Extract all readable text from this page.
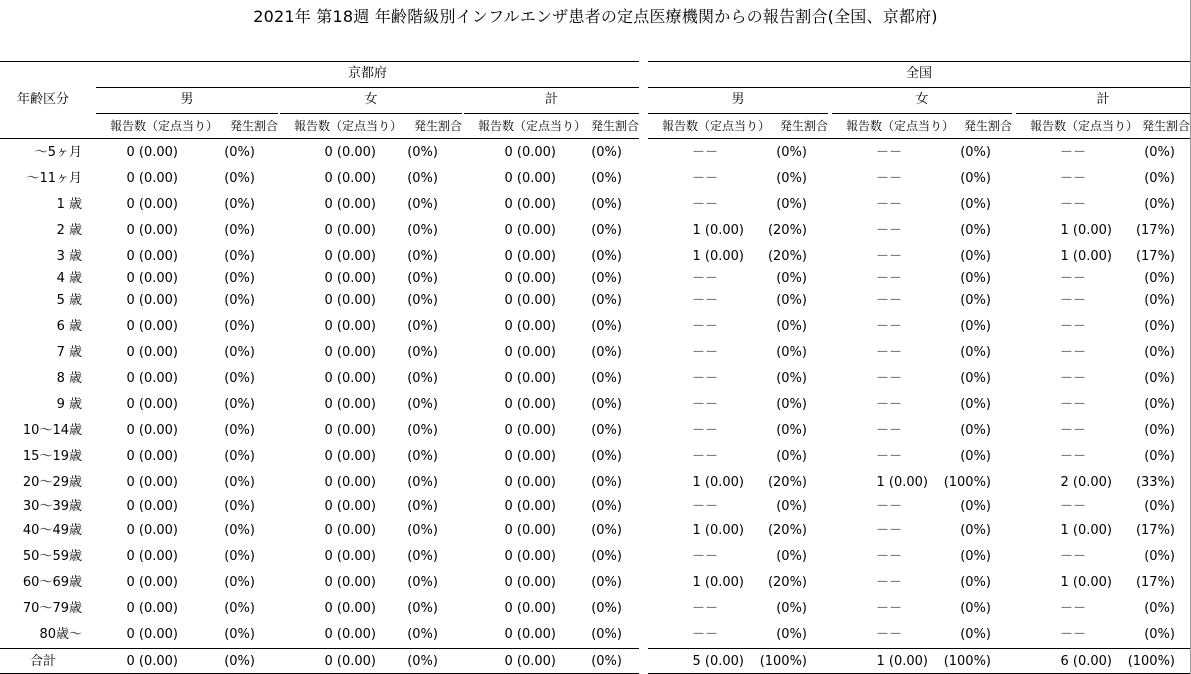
2021年 第18週 年齢階級別インフルエンザ患者の定点医療機関からの報告割合(全国、京都府)
年齢区分
京都府	全国
男
報告数（定点当り） 発生割合
女
報告数（定点当り） 発生割合
計
報告数（定点当り） 発生割合
男
報告数（定点当り） 発生割合
女
報告数（定点当り） 発生割合
計
報告数（定点当り） 発生割合
～5ヶ月	0 (0.00)	(0%)	0 (0.00)	(0%)	0 (0.00)	(0%)	－－	(0%)	－－	(0%)	－－	(0%)
～11ヶ月	0 (0.00)	(0%)	0 (0.00)	(0%)	0 (0.00)	(0%)	－－	(0%)	－－	(0%)	－－	(0%)
1 歳	0 (0.00)	(0%)	0 (0.00)	(0%)	0 (0.00)	(0%)	－－	(0%)	－－	(0%)	－－	(0%)
2 歳	0 (0.00)	(0%)	0 (0.00)	(0%)	0 (0.00)	(0%)	1 (0.00)	(20%)	－－	(0%)	1 (0.00)	(17%)
3 歳	0 (0.00)	(0%)	0 (0.00)	(0%)	0 (0.00)	(0%)	1 (0.00)	(20%)	－－	(0%)	1 (0.00)	(17%)
4 歳	0 (0.00)	(0%)	0 (0.00)	(0%)	0 (0.00)	(0%)	－－	(0%)	－－	(0%)	－－	(0%)
5 歳	0 (0.00)	(0%)	0 (0.00)	(0%)	0 (0.00)	(0%)	－－	(0%)	－－	(0%)	－－	(0%)
6 歳	0 (0.00)	(0%)	0 (0.00)	(0%)	0 (0.00)	(0%)	－－	(0%)	－－	(0%)	－－	(0%)
7 歳	0 (0.00)	(0%)	0 (0.00)	(0%)	0 (0.00)	(0%)	－－	(0%)	－－	(0%)	－－	(0%)
8 歳	0 (0.00)	(0%)	0 (0.00)	(0%)	0 (0.00)	(0%)	－－	(0%)	－－	(0%)	－－	(0%)
9 歳	0 (0.00)	(0%)	0 (0.00)	(0%)	0 (0.00)	(0%)	－－	(0%)	－－	(0%)	－－	(0%)
10～14歳	0 (0.00)	(0%)	0 (0.00)	(0%)	0 (0.00)	(0%)	－－	(0%)	－－	(0%)	－－	(0%)
15～19歳	0 (0.00)	(0%)	0 (0.00)	(0%)	0 (0.00)	(0%)	－－	(0%)	－－	(0%)	－－	(0%)
20～29歳	0 (0.00)	(0%)	0 (0.00)	(0%)	0 (0.00)	(0%)	1 (0.00)	(20%)	1 (0.00)	(100%)	2 (0.00)	(33%)
30～39歳	0 (0.00)	(0%)	0 (0.00)	(0%)	0 (0.00)	(0%)	－－	(0%)	－－	(0%)	－－	(0%)
40～49歳	0 (0.00)	(0%)	0 (0.00)	(0%)	0 (0.00)	(0%)	1 (0.00)	(20%)	－－	(0%)	1 (0.00)	(17%)
50～59歳	0 (0.00)	(0%)	0 (0.00)	(0%)	0 (0.00)	(0%)	－－	(0%)	－－	(0%)	－－	(0%)
60～69歳	0 (0.00)	(0%)	0 (0.00)	(0%)	0 (0.00)	(0%)	1 (0.00)	(20%)	－－	(0%)	1 (0.00)	(17%)
70～79歳	0 (0.00)	(0%)	0 (0.00)	(0%)	0 (0.00)	(0%)	－－	(0%)	－－	(0%)	－－	(0%)
80歳～	0 (0.00)	(0%)	0 (0.00)	(0%)	0 (0.00)	(0%)	－－	(0%)	－－	(0%)	－－	(0%)
合計	0 (0.00)	(0%)	0 (0.00)	(0%)	0 (0.00)	(0%)	5 (0.00)	(100%)	1 (0.00)	(100%)	6 (0.00)	(100%)
